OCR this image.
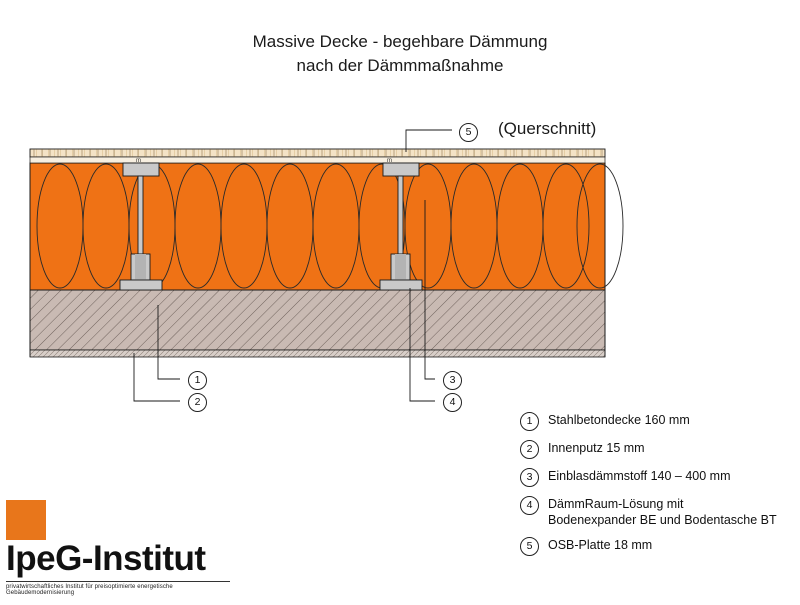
Massive Decke - begehbare Dämmung
nach der Dämmmaßnahme
(Querschnitt)
m	m
1
2
3
4
5
1	Stahlbetondecke 160 mm
2	Innenputz 15 mm
3	Einblasdämmstoff 140 – 400 mm
4	DämmRaum-Lösung mit
Bodenexpander BE und Bodentasche BT
5	OSB-Platte 18 mm
IpeG-Institut
privatwirtschaftliches Institut für preisoptimierte energetische Gebäudemodernisierung
